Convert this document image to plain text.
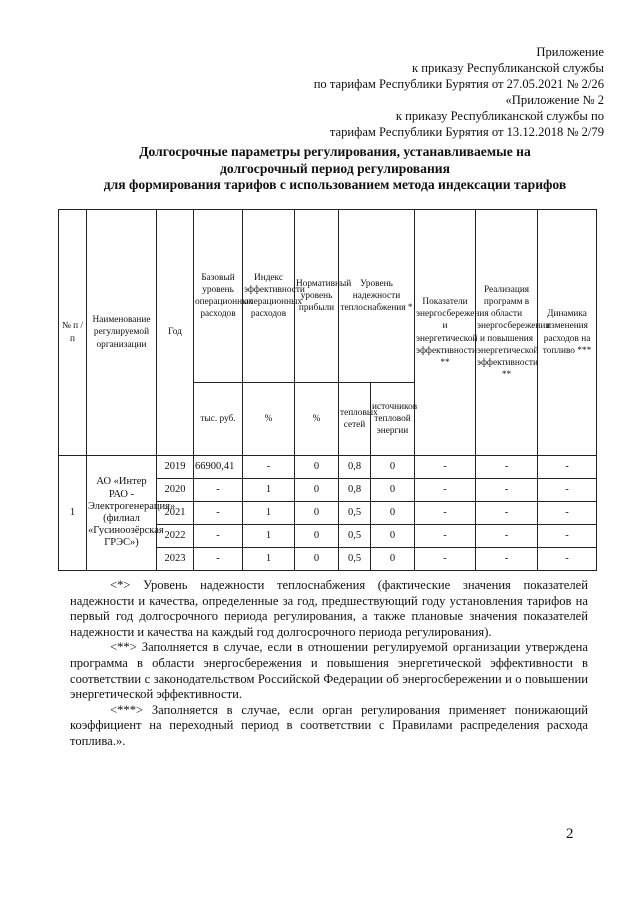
Приложение
к приказу Республиканской службы
по тарифам Республики Бурятия от 27.05.2021 № 2/26
«Приложение № 2
к приказу Республиканской службы по
тарифам Республики Бурятия от 13.12.2018 № 2/79
Долгосрочные параметры регулирования, устанавливаемые на
долгосрочный период регулирования
для формирования тарифов с использованием метода индексации тарифов
№ п / п	Наименование регулируемой организации	Год	Базовый уровень операционных расходов	Индекс эффективности операционных расходов	Нормативный уровень прибыли	Уровень надежности теплоснабжения *		Показатели энергосбережения и энергетической эффективности **	Реализация программ в области энергосбережения и повышения энергетической эффективности **	Динамика изменения расходов на топливо ***
			тыс. руб.	%	%	тепловых сетей	источников тепловой энергии			
1	АО «Интер РАО - Электрогенерация» (филиал «Гусиноозёрская ГРЭС»)	2019	66900,41	-	0	0,8	0	-	-	-
		2020	-	1	0	0,8	0	-	-	-
		2021	-	1	0	0,5	0	-	-	-
		2022	-	1	0	0,5	0	-	-	-
		2023	-	1	0	0,5	0	-	-	-

<*> Уровень надежности теплоснабжения (фактические значения показателей надежности и качества, определенные за год, предшествующий году установления тарифов на первый год долгосрочного периода регулирования, а также плановые значения показателей надежности и качества на каждый год долгосрочного периода регулирования).

<**> Заполняется в случае, если в отношении регулируемой организации утверждена программа в области энергосбережения и повышения энергетической эффективности в соответствии с законодательством Российской Федерации об энергосбережении и о повышении энергетической эффективности.

<***> Заполняется в случае, если орган регулирования применяет понижающий коэффициент на переходный период в соответствии с Правилами распределения расхода топлива.».

2
